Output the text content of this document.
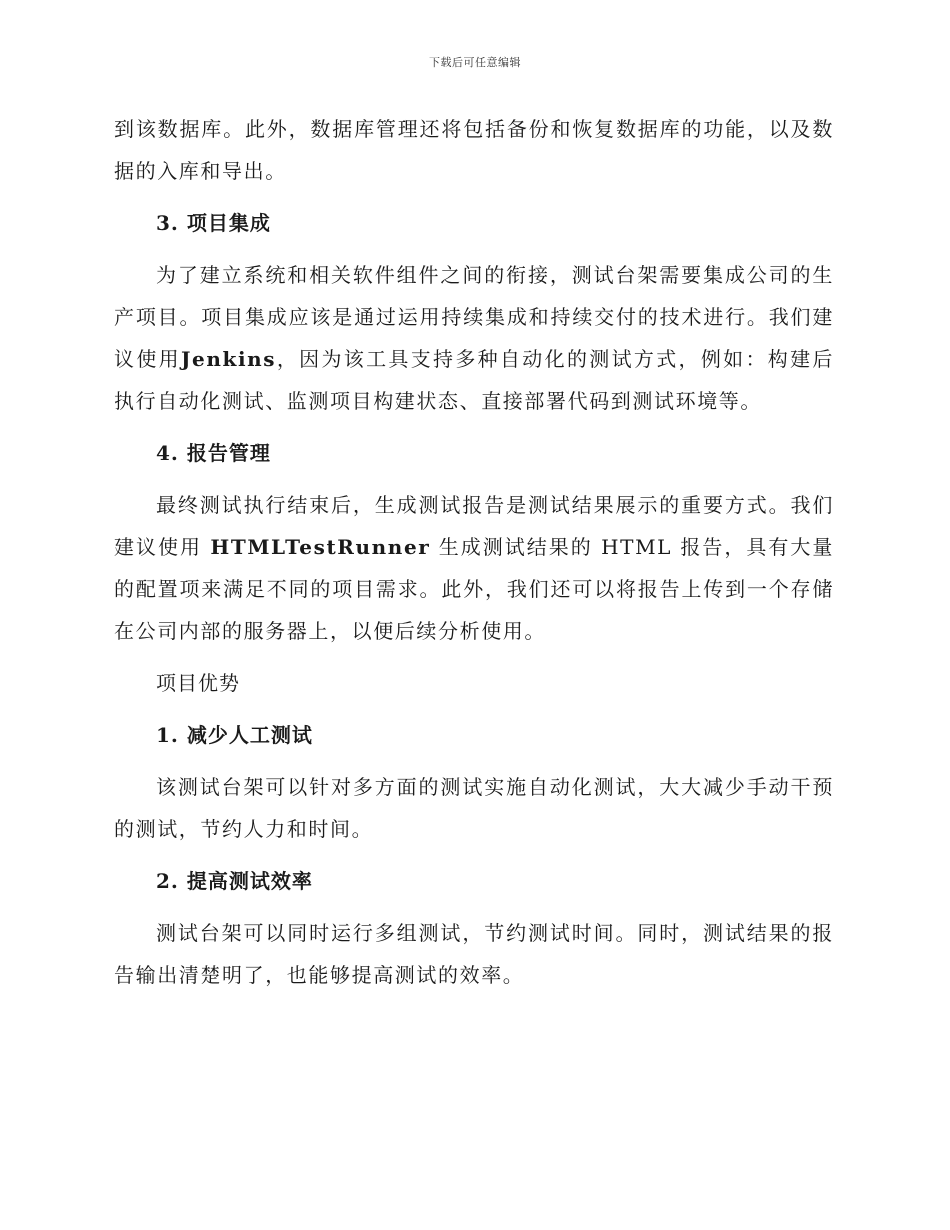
下载后可任意编辑

到该数据库。此外，数据库管理还将包括备份和恢复数据库的功能，以及数据的入库和导出。

3. 项目集成

为了建立系统和相关软件组件之间的衔接，测试台架需要集成公司的生产项目。项目集成应该是通过运用持续集成和持续交付的技术进行。我们建议使用Jenkins，因为该工具支持多种自动化的测试方式，例如：构建后执行自动化测试、监测项目构建状态、直接部署代码到测试环境等。

4. 报告管理

最终测试执行结束后，生成测试报告是测试结果展示的重要方式。我们建议使用 HTMLTestRunner 生成测试结果的 HTML 报告，具有大量的配置项来满足不同的项目需求。此外，我们还可以将报告上传到一个存储在公司内部的服务器上，以便后续分析使用。

项目优势
1. 减少人工测试

该测试台架可以针对多方面的测试实施自动化测试，大大减少手动干预的测试，节约人力和时间。

2. 提高测试效率

测试台架可以同时运行多组测试，节约测试时间。同时，测试结果的报告输出清楚明了，也能够提高测试的效率。
